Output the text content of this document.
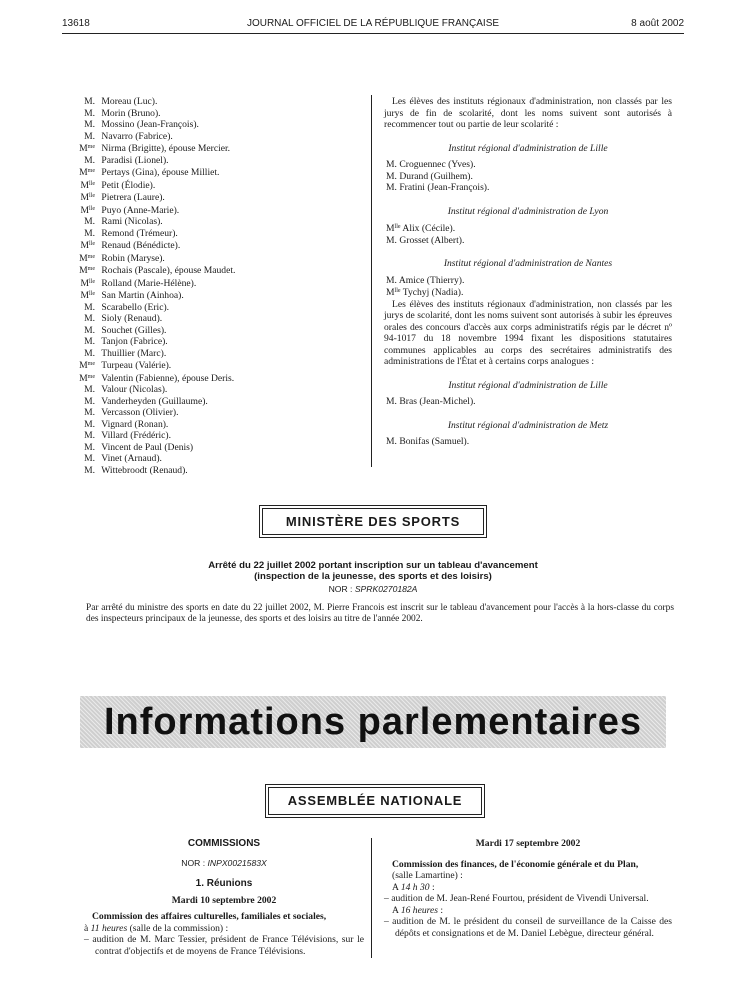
13618	JOURNAL OFFICIEL DE LA RÉPUBLIQUE FRANÇAISE	8 août 2002
M. Moreau (Luc).
M. Morin (Bruno).
M. Mossino (Jean-François).
M. Navarro (Fabrice).
$M^{me}$ Nirma (Brigitte), épouse Mercier.
M. Paradisi (Lionel).
$M^{me}$ Pertays (Gina), épouse Milliet.
$M^{lle}$ Petit (Élodie).
$M^{lle}$ Pietrera (Laure).
$M^{lle}$ Puyo (Anne-Marie).
M. Rami (Nicolas).
M. Remond (Trémeur).
$M^{lle}$ Renaud (Bénédicte).
$M^{me}$ Robin (Maryse).
$M^{me}$ Rochais (Pascale), épouse Maudet.
$M^{lle}$ Rolland (Marie-Hélène).
$M^{lle}$ San Martin (Ainhoa).
M. Scarabello (Eric).
M. Sioly (Renaud).
M. Souchet (Gilles).
M. Tanjon (Fabrice).
M. Thuillier (Marc).
$M^{me}$ Turpeau (Valérie).
$M^{me}$ Valentin (Fabienne), épouse Deris.
M. Valour (Nicolas).
M. Vanderheyden (Guillaume).
M. Vercasson (Olivier).
M. Vignard (Ronan).
M. Villard (Frédéric).
M. Vincent de Paul (Denis)
M. Vinet (Arnaud).
M. Wittebroodt (Renaud).

Les élèves des instituts régionaux d'administration, non classés par les jurys de fin de scolarité, dont les noms suivent sont autorisés à recommencer tout ou partie de leur scolarité :

Institut régional d'administration de Lille
M. Croguennec (Yves).
M. Durand (Guilhem).
M. Fratini (Jean-François).
Institut régional d'administration de Lyon
$M^{lle}$ Alix (Cécile).
M. Grosset (Albert).
Institut régional d'administration de Nantes
M. Amice (Thierry).
$M^{lle}$ Tychyj (Nadia).

Les élèves des instituts régionaux d'administration, non classés par les jurys de scolarité, dont les noms suivent sont autorisés à subir les épreuves orales des concours d'accès aux corps administratifs régis par le décret nº 94-1017 du 18 novembre 1994 fixant les dispositions statutaires communes applicables au corps des secrétaires administratifs des administrations de l'État et à certains corps analogues :

Institut régional d'administration de Lille
M. Bras (Jean-Michel).
Institut régional d'administration de Metz
M. Bonifas (Samuel).
MINISTÈRE DES SPORTS
Arrêté du 22 juillet 2002 portant inscription sur un tableau d'avancement
(inspection de la jeunesse, des sports et des loisirs)
NOR : SPRK0270182A
Par arrêté du ministre des sports en date du 22 juillet 2002, M. Pierre Francois est inscrit sur le tableau d'avancement pour l'accès à la hors-classe du corps des inspecteurs principaux de la jeunesse, des sports et des loisirs au titre de l'année 2002.
Informations parlementaires
ASSEMBLÉE NATIONALE
COMMISSIONS
NOR : INPX0021583X
1. Réunions
Mardi 10 septembre 2002
Commission des affaires culturelles, familiales et sociales,
à 11 heures (salle de la commission) :

– audition de M. Marc Tessier, président de France Télévisions, sur le contrat d'objectifs et de moyens de France Télévisions.

Mardi 17 septembre 2002
Commission des finances, de l'économie générale et du Plan,
(salle Lamartine) :
A 14 h 30 :

– audition de M. Jean-René Fourtou, président de Vivendi Universal.

A 16 heures :

– audition de M. le président du conseil de surveillance de la Caisse des dépôts et consignations et de M. Daniel Lebègue, directeur général.
